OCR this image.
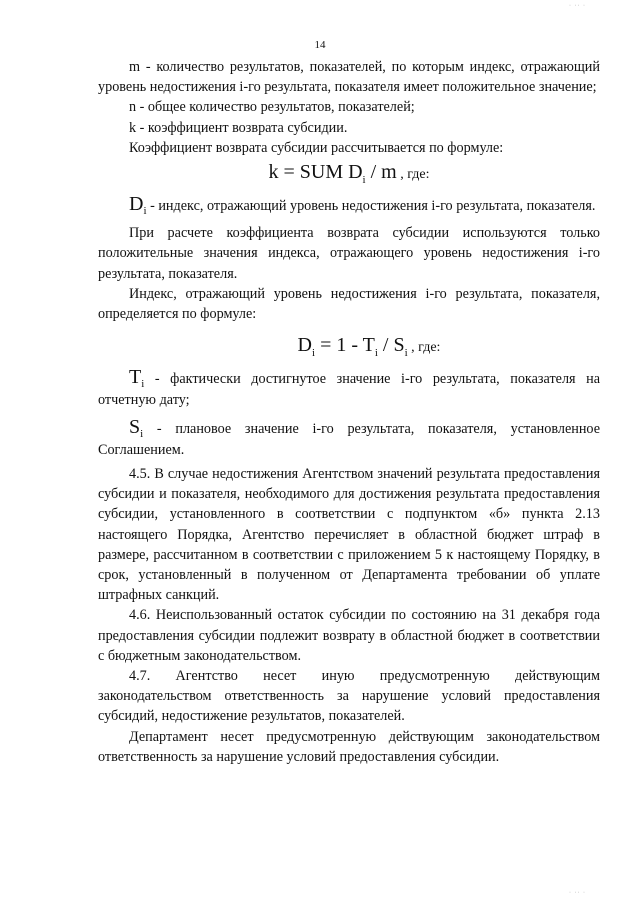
· ·· ·
14

m - количество результатов, показателей, по которым индекс, отражающий уровень недостижения i-го результата, показателя имеет положительное значение;

n - общее количество результатов, показателей;

k - коэффициент возврата субсидии.

Коэффициент возврата субсидии рассчитывается по формуле:

k = SUM $D_i$ / m , где:

$D_i$ - индекс, отражающий уровень недостижения i-го результата, показателя.

При расчете коэффициента возврата субсидии используются только положительные значения индекса, отражающего уровень недостижения i-го результата, показателя.

Индекс, отражающий уровень недостижения i-го результата, показателя, определяется по формуле:

$D_i = 1 - T_i / S_i$ , где:

$T_i$ - фактически достигнутое значение i-го результата, показателя на отчетную дату;

$S_i$ - плановое значение i-го результата, показателя, установленное Соглашением.

4.5. В случае недостижения Агентством значений результата предоставления субсидии и показателя, необходимого для достижения результата предоставления субсидии, установленного в соответствии с подпунктом «б» пункта 2.13 настоящего Порядка, Агентство перечисляет в областной бюджет штраф в размере, рассчитанном в соответствии с приложением 5 к настоящему Порядку, в срок, установленный в полученном от Департамента требовании об уплате штрафных санкций.

4.6. Неиспользованный остаток субсидии по состоянию на 31 декабря года предоставления субсидии подлежит возврату в областной бюджет в соответствии с бюджетным законодательством.

4.7. Агентство несет иную предусмотренную действующим законодательством ответственность за нарушение условий предоставления субсидий, недостижение результатов, показателей.

Департамент несет предусмотренную действующим законодательством ответственность за нарушение условий предоставления субсидии.

· ·· ·
